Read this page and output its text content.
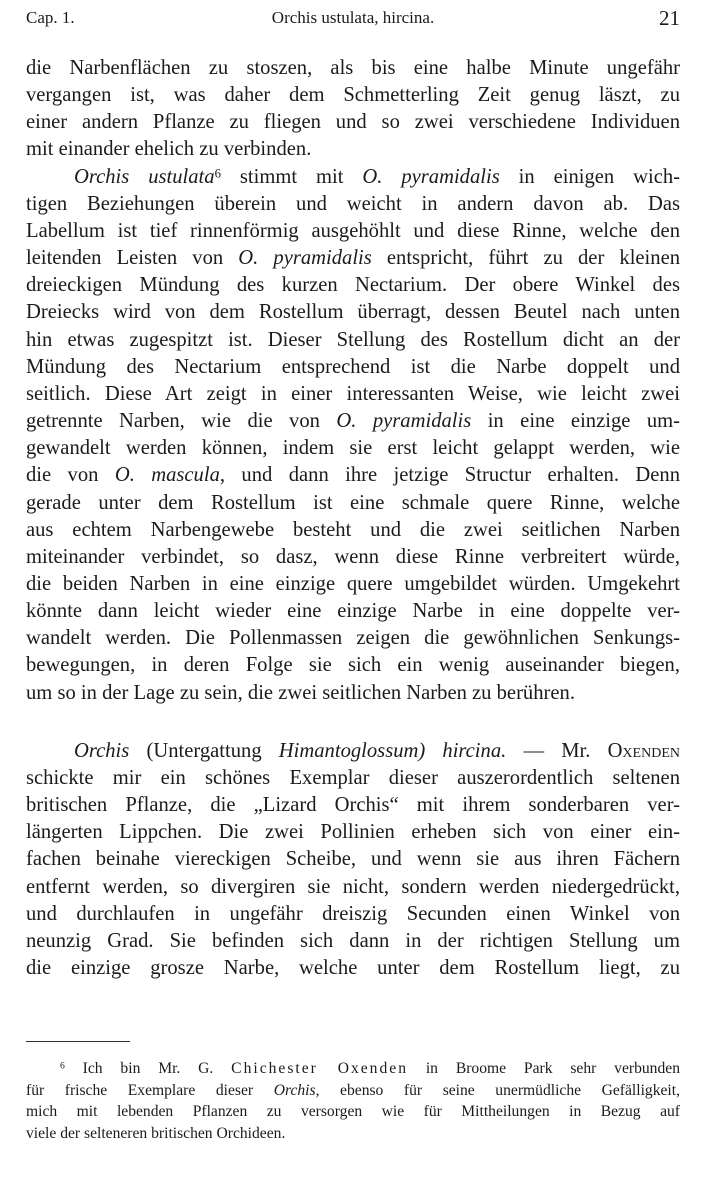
Cap. 1.	Orchis ustulata, hircina.	21

die Narbenflächen zu stoszen, als bis eine halbe Minute ungefähr

vergangen ist, was daher dem Schmetterling Zeit genug läszt, zu

einer andern Pflanze zu fliegen und so zwei verschiedene Individuen

mit einander ehelich zu verbinden.

Orchis ustulata$^6$ stimmt mit O. pyramidalis in einigen wich-

tigen Beziehungen überein und weicht in andern davon ab. Das

Labellum ist tief rinnenförmig ausgehöhlt und diese Rinne, welche den

leitenden Leisten von O. pyramidalis entspricht, führt zu der kleinen

dreieckigen Mündung des kurzen Nectarium. Der obere Winkel des

Dreiecks wird von dem Rostellum überragt, dessen Beutel nach unten

hin etwas zugespitzt ist. Dieser Stellung des Rostellum dicht an der

Mündung des Nectarium entsprechend ist die Narbe doppelt und

seitlich. Diese Art zeigt in einer interessanten Weise, wie leicht zwei

getrennte Narben, wie die von O. pyramidalis in eine einzige um-

gewandelt werden können, indem sie erst leicht gelappt werden, wie

die von O. mascula, und dann ihre jetzige Structur erhalten. Denn

gerade unter dem Rostellum ist eine schmale quere Rinne, welche

aus echtem Narbengewebe besteht und die zwei seitlichen Narben

miteinander verbindet, so dasz, wenn diese Rinne verbreitert würde,

die beiden Narben in eine einzige quere umgebildet würden. Umgekehrt

könnte dann leicht wieder eine einzige Narbe in eine doppelte ver-

wandelt werden. Die Pollenmassen zeigen die gewöhnlichen Senkungs-

bewegungen, in deren Folge sie sich ein wenig auseinander biegen,

um so in der Lage zu sein, die zwei seitlichen Narben zu berühren.

Orchis (Untergattung Himantoglossum) hircina. — Mr. Oxenden

schickte mir ein schönes Exemplar dieser auszerordentlich seltenen

britischen Pflanze, die „Lizard Orchis“ mit ihrem sonderbaren ver-

längerten Lippchen. Die zwei Pollinien erheben sich von einer ein-

fachen beinahe viereckigen Scheibe, und wenn sie aus ihren Fächern

entfernt werden, so divergiren sie nicht, sondern werden niedergedrückt,

und durchlaufen in ungefähr dreiszig Secunden einen Winkel von

neunzig Grad. Sie befinden sich dann in der richtigen Stellung um

die einzige grosze Narbe, welche unter dem Rostellum liegt, zu

$^6$ Ich bin Mr. G. Chichester Oxenden in Broome Park sehr verbunden

für frische Exemplare dieser Orchis, ebenso für seine unermüdliche Gefälligkeit,

mich mit lebenden Pflanzen zu versorgen wie für Mittheilungen in Bezug auf

viele der selteneren britischen Orchideen.
